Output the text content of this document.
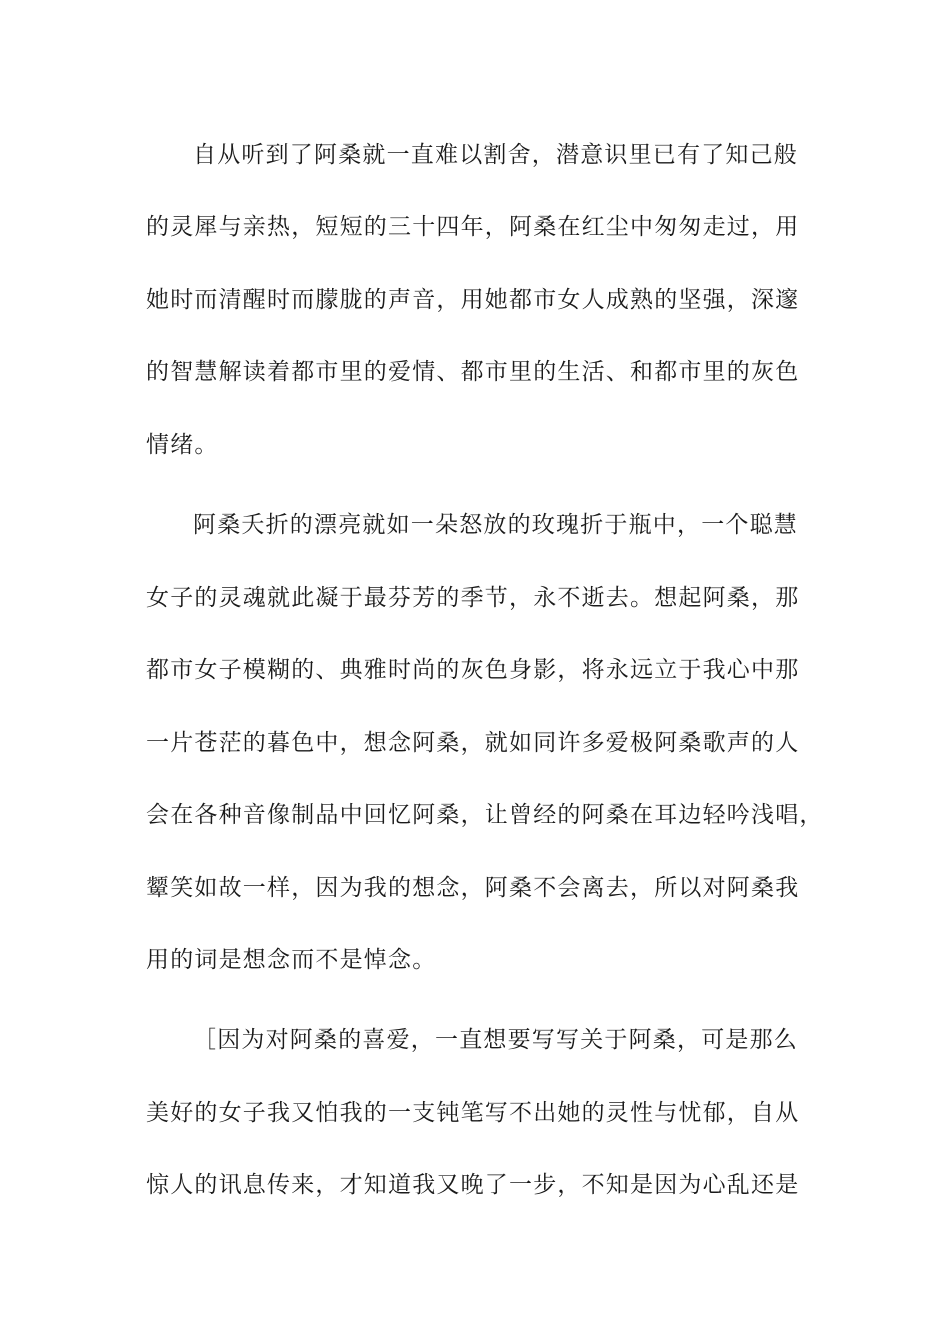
自从听到了阿桑就一直难以割舍，潜意识里已有了知己般
的灵犀与亲热，短短的三十四年，阿桑在红尘中匆匆走过，用
她时而清醒时而朦胧的声音，用她都市女人成熟的坚强，深邃
的智慧解读着都市里的爱情、都市里的生活、和都市里的灰色
情绪。
阿桑夭折的漂亮就如一朵怒放的玫瑰折于瓶中，一个聪慧
女子的灵魂就此凝于最芬芳的季节，永不逝去。想起阿桑，那
都市女子模糊的、典雅时尚的灰色身影，将永远立于我心中那
一片苍茫的暮色中，想念阿桑，就如同许多爱极阿桑歌声的人
会在各种音像制品中回忆阿桑，让曾经的阿桑在耳边轻吟浅唱，
颦笑如故一样，因为我的想念，阿桑不会离去，所以对阿桑我
用的词是想念而不是悼念。
［因为对阿桑的喜爱，一直想要写写关于阿桑，可是那么
美好的女子我又怕我的一支钝笔写不出她的灵性与忧郁，自从
惊人的讯息传来，才知道我又晚了一步，不知是因为心乱还是
